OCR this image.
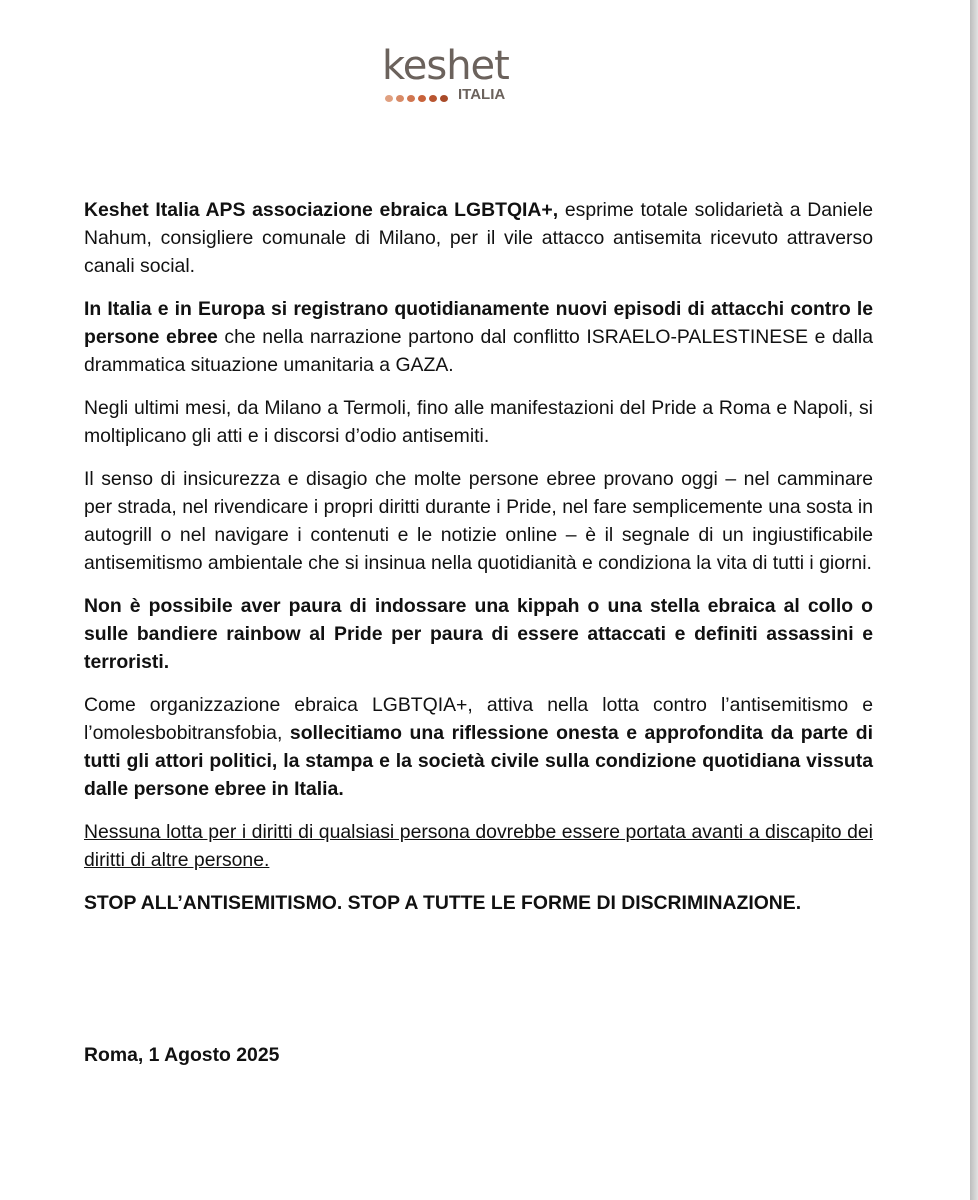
keshet
ITALIA

Keshet Italia APS associazione ebraica LGBTQIA+, esprime totale solidarietà a Daniele Nahum, consigliere comunale di Milano, per il vile attacco antisemita ricevuto attraverso canali social.

In Italia e in Europa si registrano quotidianamente nuovi episodi di attacchi contro le persone ebree che nella narrazione partono dal conflitto ISRAELO-PALESTINESE e dalla drammatica situazione umanitaria a GAZA.

Negli ultimi mesi, da Milano a Termoli, fino alle manifestazioni del Pride a Roma e Napoli, si moltiplicano gli atti e i discorsi d’odio antisemiti.

Il senso di insicurezza e disagio che molte persone ebree provano oggi – nel camminare per strada, nel rivendicare i propri diritti durante i Pride, nel fare semplicemente una sosta in autogrill o nel navigare i contenuti e le notizie online – è il segnale di un ingiustificabile antisemitismo ambientale che si insinua nella quotidianità e condiziona la vita di tutti i giorni.

Non è possibile aver paura di indossare una kippah o una stella ebraica al collo o sulle bandiere rainbow al Pride per paura di essere attaccati e definiti assassini e terroristi.

Come organizzazione ebraica LGBTQIA+, attiva nella lotta contro l’antisemitismo e l’omolesbobitransfobia, sollecitiamo una riflessione onesta e approfondita da parte di tutti gli attori politici, la stampa e la società civile sulla condizione quotidiana vissuta dalle persone ebree in Italia.

Nessuna lotta per i diritti di qualsiasi persona dovrebbe essere portata avanti a discapito dei diritti di altre persone.

STOP ALL’ANTISEMITISMO. STOP A TUTTE LE FORME DI DISCRIMINAZIONE.

Roma, 1 Agosto 2025
